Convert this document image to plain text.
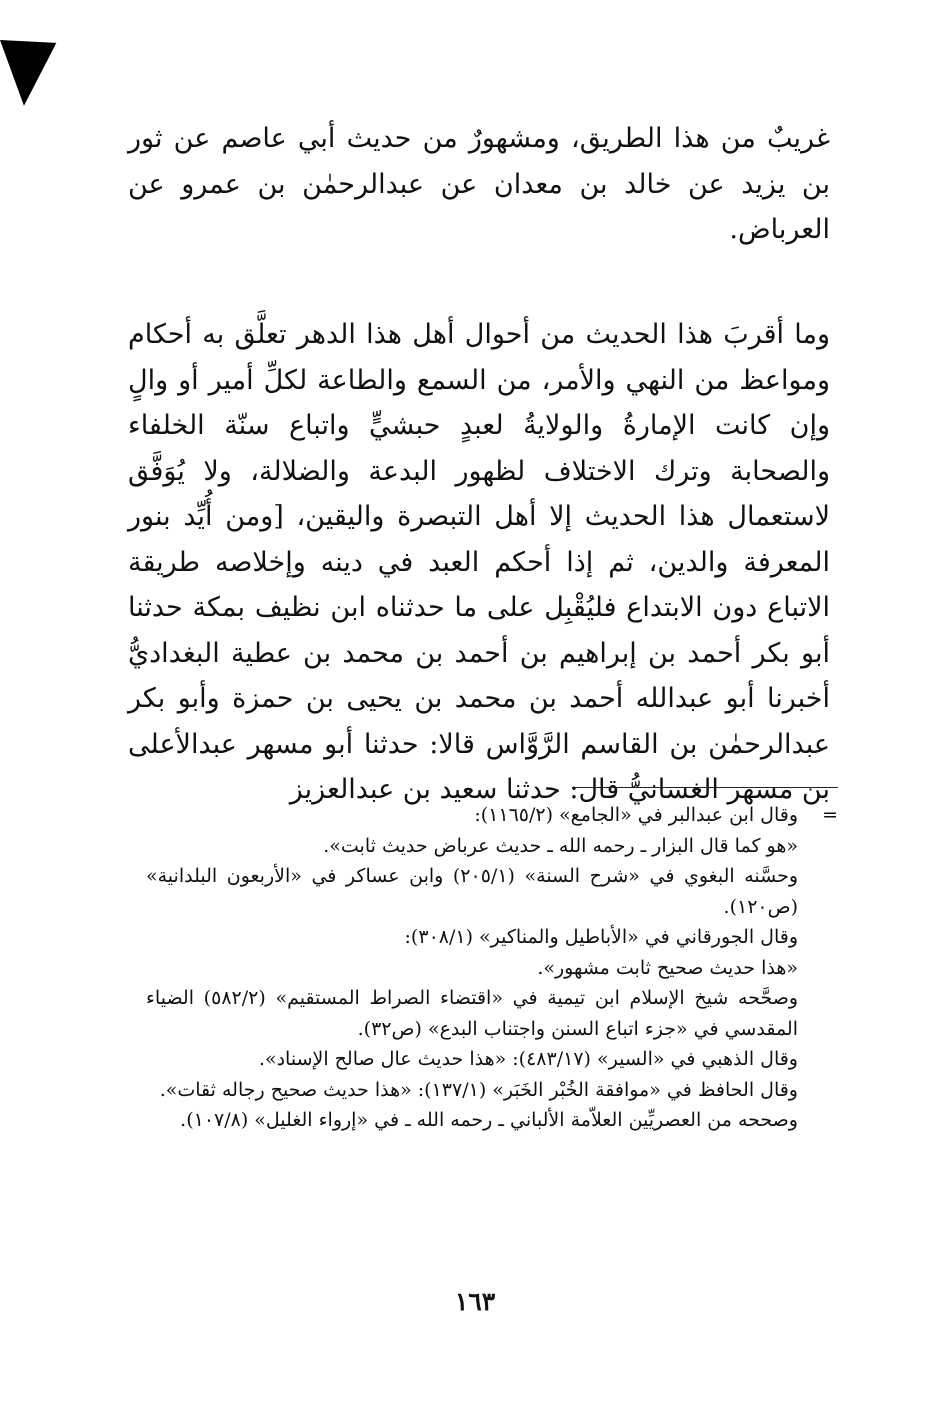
غريبٌ من هذا الطريق، ومشهورٌ من حديث أبي عاصم عن ثور بن يزيد عن خالد بن معدان عن عبدالرحمٰن بن عمرو عن العرباض.

وما أقربَ هذا الحديث من أحوال أهل هذا الدهر تعلَّق به أحكام ومواعظ من النهي والأمر، من السمع والطاعة لكلِّ أمير أو والٍ وإن كانت الإمارةُ والولايةُ لعبدٍ حبشيٍّ واتباع سنّة الخلفاء والصحابة وترك الاختلاف لظهور البدعة والضلالة، ولا يُوَفَّق لاستعمال هذا الحديث إلا أهل التبصرة واليقين، [ومن أُيِّد بنور المعرفة والدين، ثم إذا أحكم العبد في دينه وإخلاصه طريقة الاتباع دون الابتداع فليُقْبِل على ما حدثناه ابن نظيف بمكة حدثنا أبو بكر أحمد بن إبراهيم بن أحمد بن محمد بن عطية البغداديُّ أخبرنا أبو عبدالله أحمد بن محمد بن يحيى بن حمزة وأبو بكر عبدالرحمٰن بن القاسم الرَّوَّاس قالا: حدثنا أبو مسهر عبدالأعلى بن مسهر الغسانيُّ قال: حدثنا سعيد بن عبدالعزيز

=
وقال ابن عبدالبر في «الجامع» (١١٦٥/٢):
«هو كما قال البزار ـ رحمه الله ـ حديث عرباض حديث ثابت».
وحسَّنه البغوي في «شرح السنة» (٢٠٥/١) وابن عساكر في «الأربعون البلدانية» (ص١٢٠).
وقال الجورقاني في «الأباطيل والمناكير» (٣٠٨/١):
«هذا حديث صحيح ثابت مشهور».
وصحَّحه شيخ الإسلام ابن تيمية في «اقتضاء الصراط المستقيم» (٥٨٢/٢) الضياء المقدسي في «جزء اتباع السنن واجتناب البدع» (ص٣٢).
وقال الذهبي في «السير» (٤٨٣/١٧): «هذا حديث عال صالح الإسناد».
وقال الحافظ في «موافقة الخُبْر الخَبَر» (١٣٧/١): «هذا حديث صحيح رجاله ثقات».
وصححه من العصريِّين العلاّمة الألباني ـ رحمه الله ـ في «إرواء الغليل» (١٠٧/٨).
١٦٣
